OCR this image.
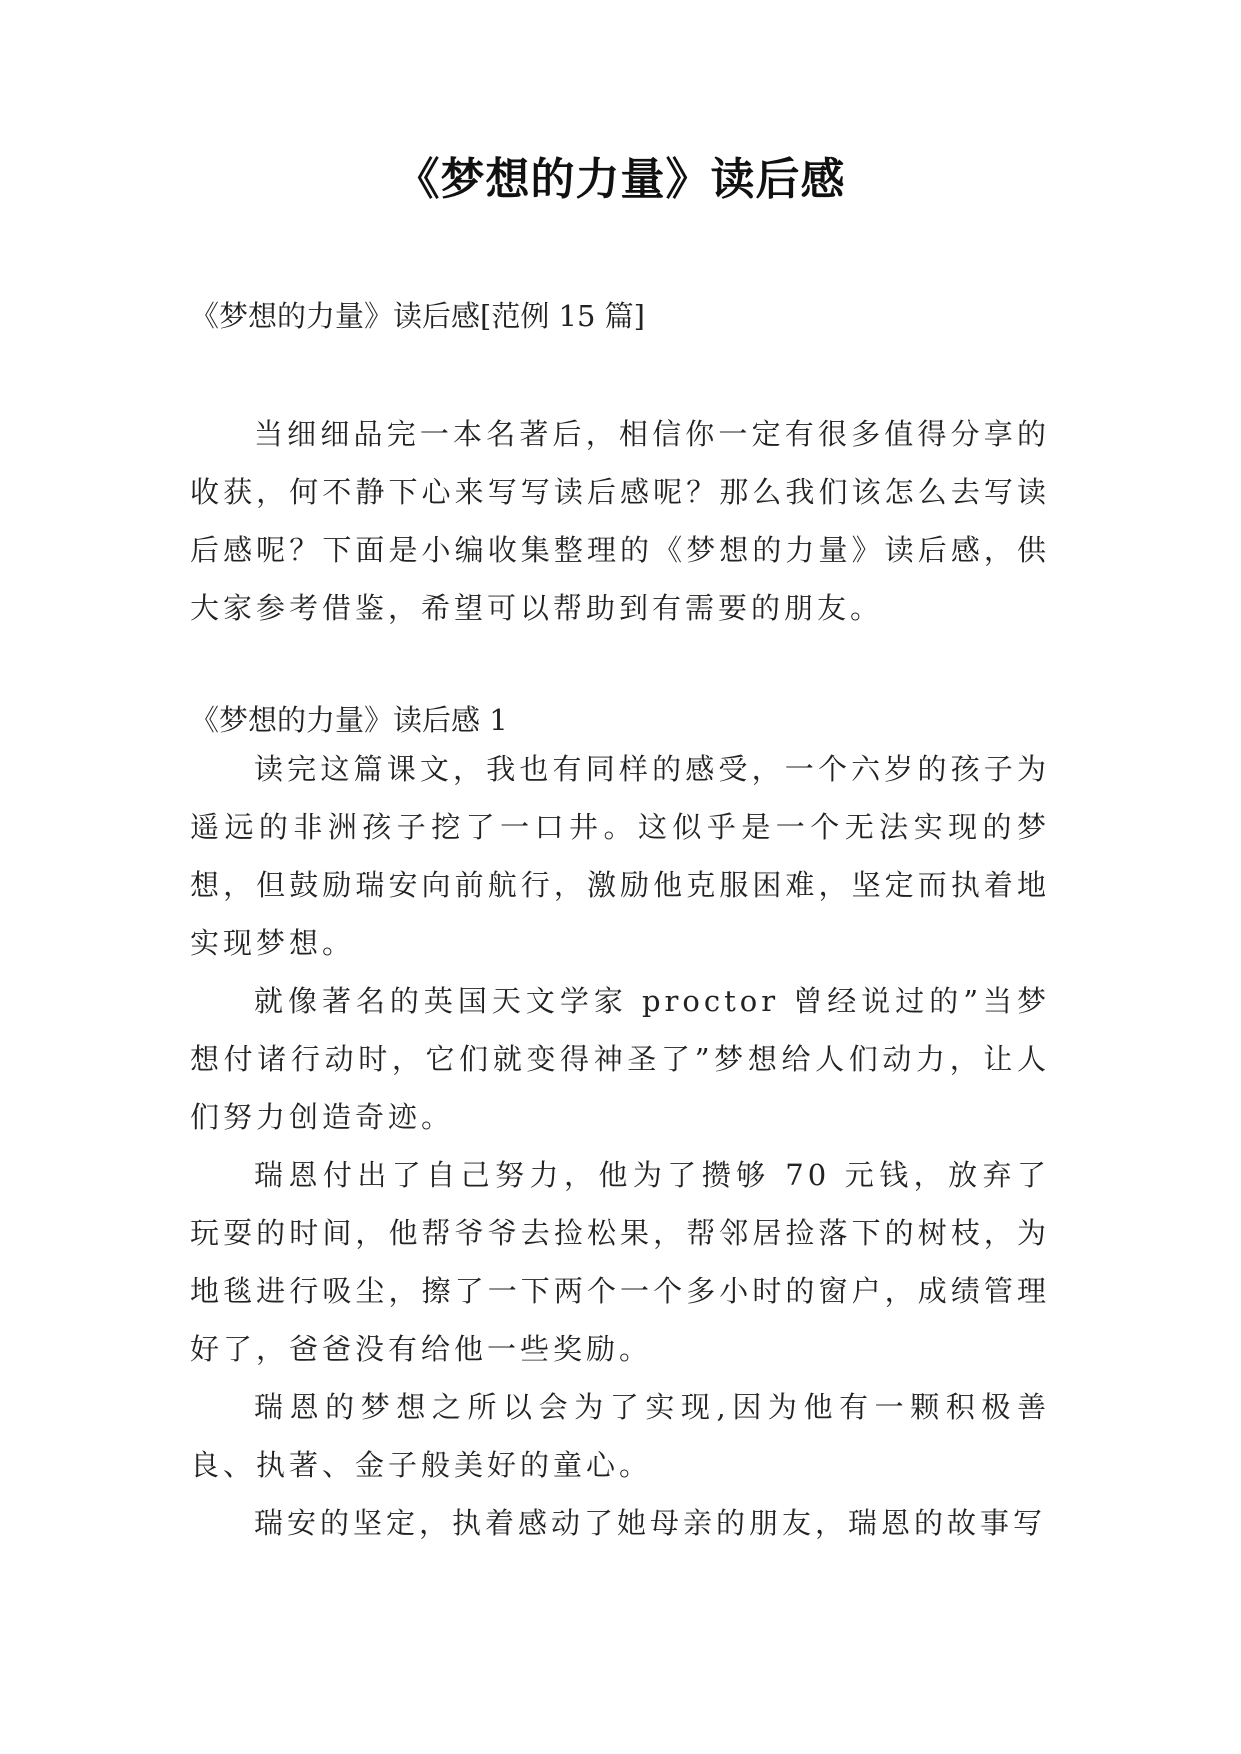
《梦想的力量》读后感

《梦想的力量》读后感[范例 15 篇]

当细细品完一本名著后，相信你一定有很多值得分享的收获，何不静下心来写写读后感呢？那么我们该怎么去写读后感呢？下面是小编收集整理的《梦想的力量》读后感，供大家参考借鉴，希望可以帮助到有需要的朋友。

《梦想的力量》读后感 1

读完这篇课文，我也有同样的感受，一个六岁的孩子为遥远的非洲孩子挖了一口井。这似乎是一个无法实现的梦想，但鼓励瑞安向前航行，激励他克服困难，坚定而执着地实现梦想。

就像著名的英国天文学家 proctor 曾经说过的”当梦想付诸行动时，它们就变得神圣了”梦想给人们动力，让人们努力创造奇迹。

瑞恩付出了自己努力，他为了攒够 70 元钱，放弃了玩耍的时间，他帮爷爷去捡松果，帮邻居捡落下的树枝，为地毯进行吸尘，擦了一下两个一个多小时的窗户，成绩管理好了，爸爸没有给他一些奖励。

瑞恩的梦想之所以会为了实现,因为他有一颗积极善良、执著、金子般美好的童心。

瑞安的坚定，执着感动了她母亲的朋友，瑞恩的故事写
